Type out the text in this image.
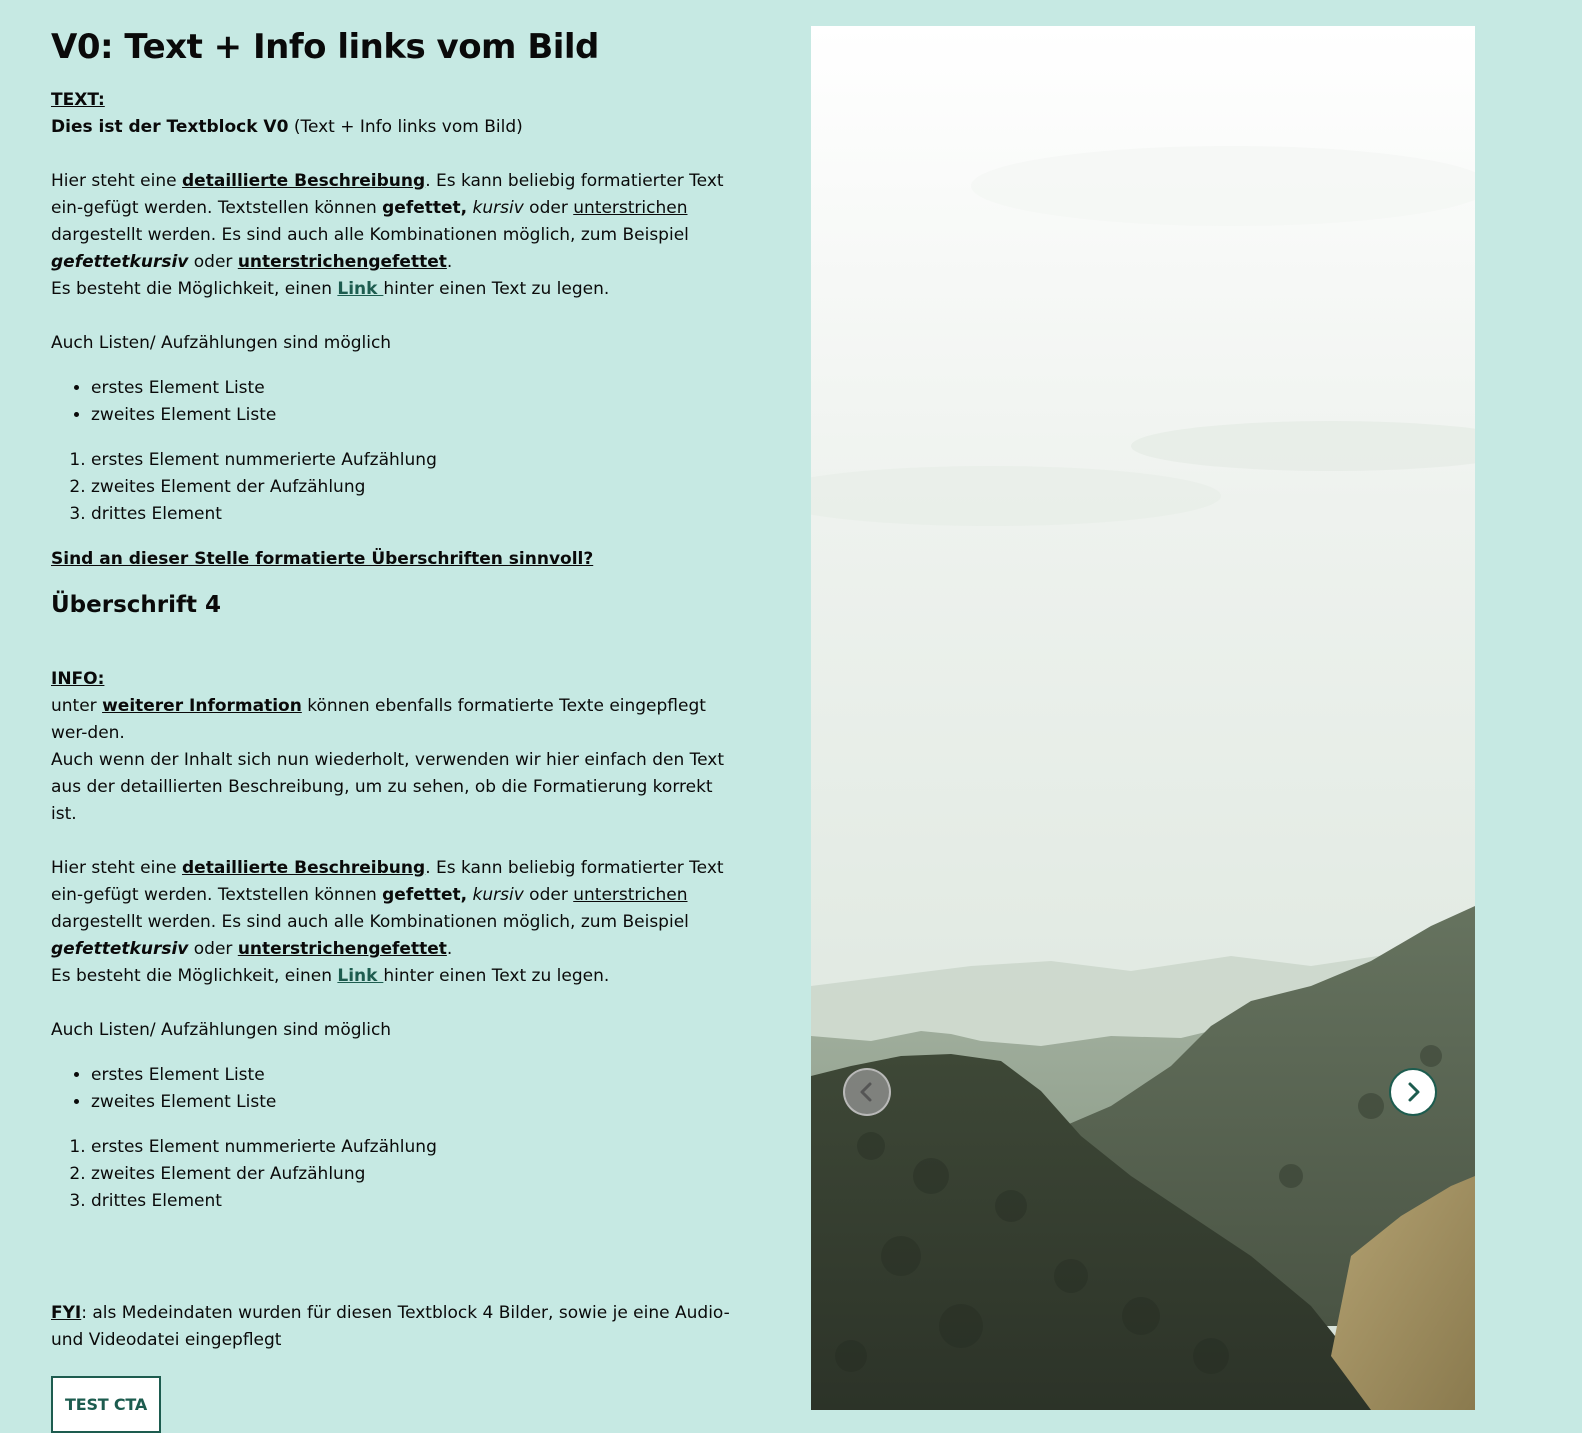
V0: Text + Info links vom Bild
TEXT:

Dies ist der Textblock V0 (Text + Info links vom Bild)

Hier steht eine detaillierte Beschreibung. Es kann beliebig formatierter Text ein-gefügt werden. Textstellen können gefettet, kursiv oder unterstrichen dargestellt werden. Es sind auch alle Kombinationen möglich, zum Beispiel gefettetkursiv oder unterstrichengefettet.

Es besteht die Möglichkeit, einen Link hinter einen Text zu legen.

Auch Listen/ Aufzählungen sind möglich

• erstes Element Liste
• zweites Element Liste
1. erstes Element nummerierte Aufzählung
2. zweites Element der Aufzählung
3. drittes Element

Sind an dieser Stelle formatierte Überschriften sinnvoll?

Überschrift 4
INFO:

unter weiterer Information können ebenfalls formatierte Texte eingepflegt wer-den.

Auch wenn der Inhalt sich nun wiederholt, verwenden wir hier einfach den Text aus der detaillierten Beschreibung, um zu sehen, ob die Formatierung korrekt ist.

Hier steht eine detaillierte Beschreibung. Es kann beliebig formatierter Text ein-gefügt werden. Textstellen können gefettet, kursiv oder unterstrichen dargestellt werden. Es sind auch alle Kombinationen möglich, zum Beispiel gefettetkursiv oder unterstrichengefettet.

Es besteht die Möglichkeit, einen Link hinter einen Text zu legen.

Auch Listen/ Aufzählungen sind möglich

• erstes Element Liste
• zweites Element Liste
1. erstes Element nummerierte Aufzählung
2. zweites Element der Aufzählung
3. drittes Element

FYI: als Medeindaten wurden für diesen Textblock 4 Bilder, sowie je eine Audio- und Videodatei eingepflegt

TEST CTA
